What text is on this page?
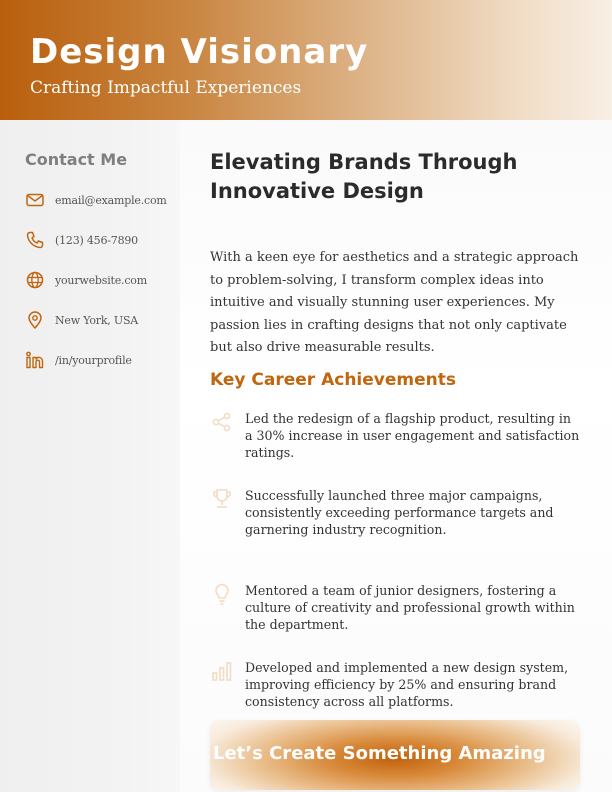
Design Visionary
Crafting Impactful Experiences
Contact Me
email@example.com
(123) 456-7890
yourwebsite.com
New York, USA
/in/yourprofile
Elevating Brands Through Innovative Design
With a keen eye for aesthetics and a strategic approach to problem-solving, I transform complex ideas into intuitive and visually stunning user experiences. My passion lies in crafting designs that not only captivate but also drive measurable results.
Key Career Achievements
Led the redesign of a flagship product, resulting in a 30% increase in user engagement and satisfaction ratings.
Successfully launched three major campaigns, consistently exceeding performance targets and garnering industry recognition.
Mentored a team of junior designers, fostering a culture of creativity and professional growth within the department.
Developed and implemented a new design system, improving efficiency by 25% and ensuring brand consistency across all platforms.
Let’s Create Something Amazing
